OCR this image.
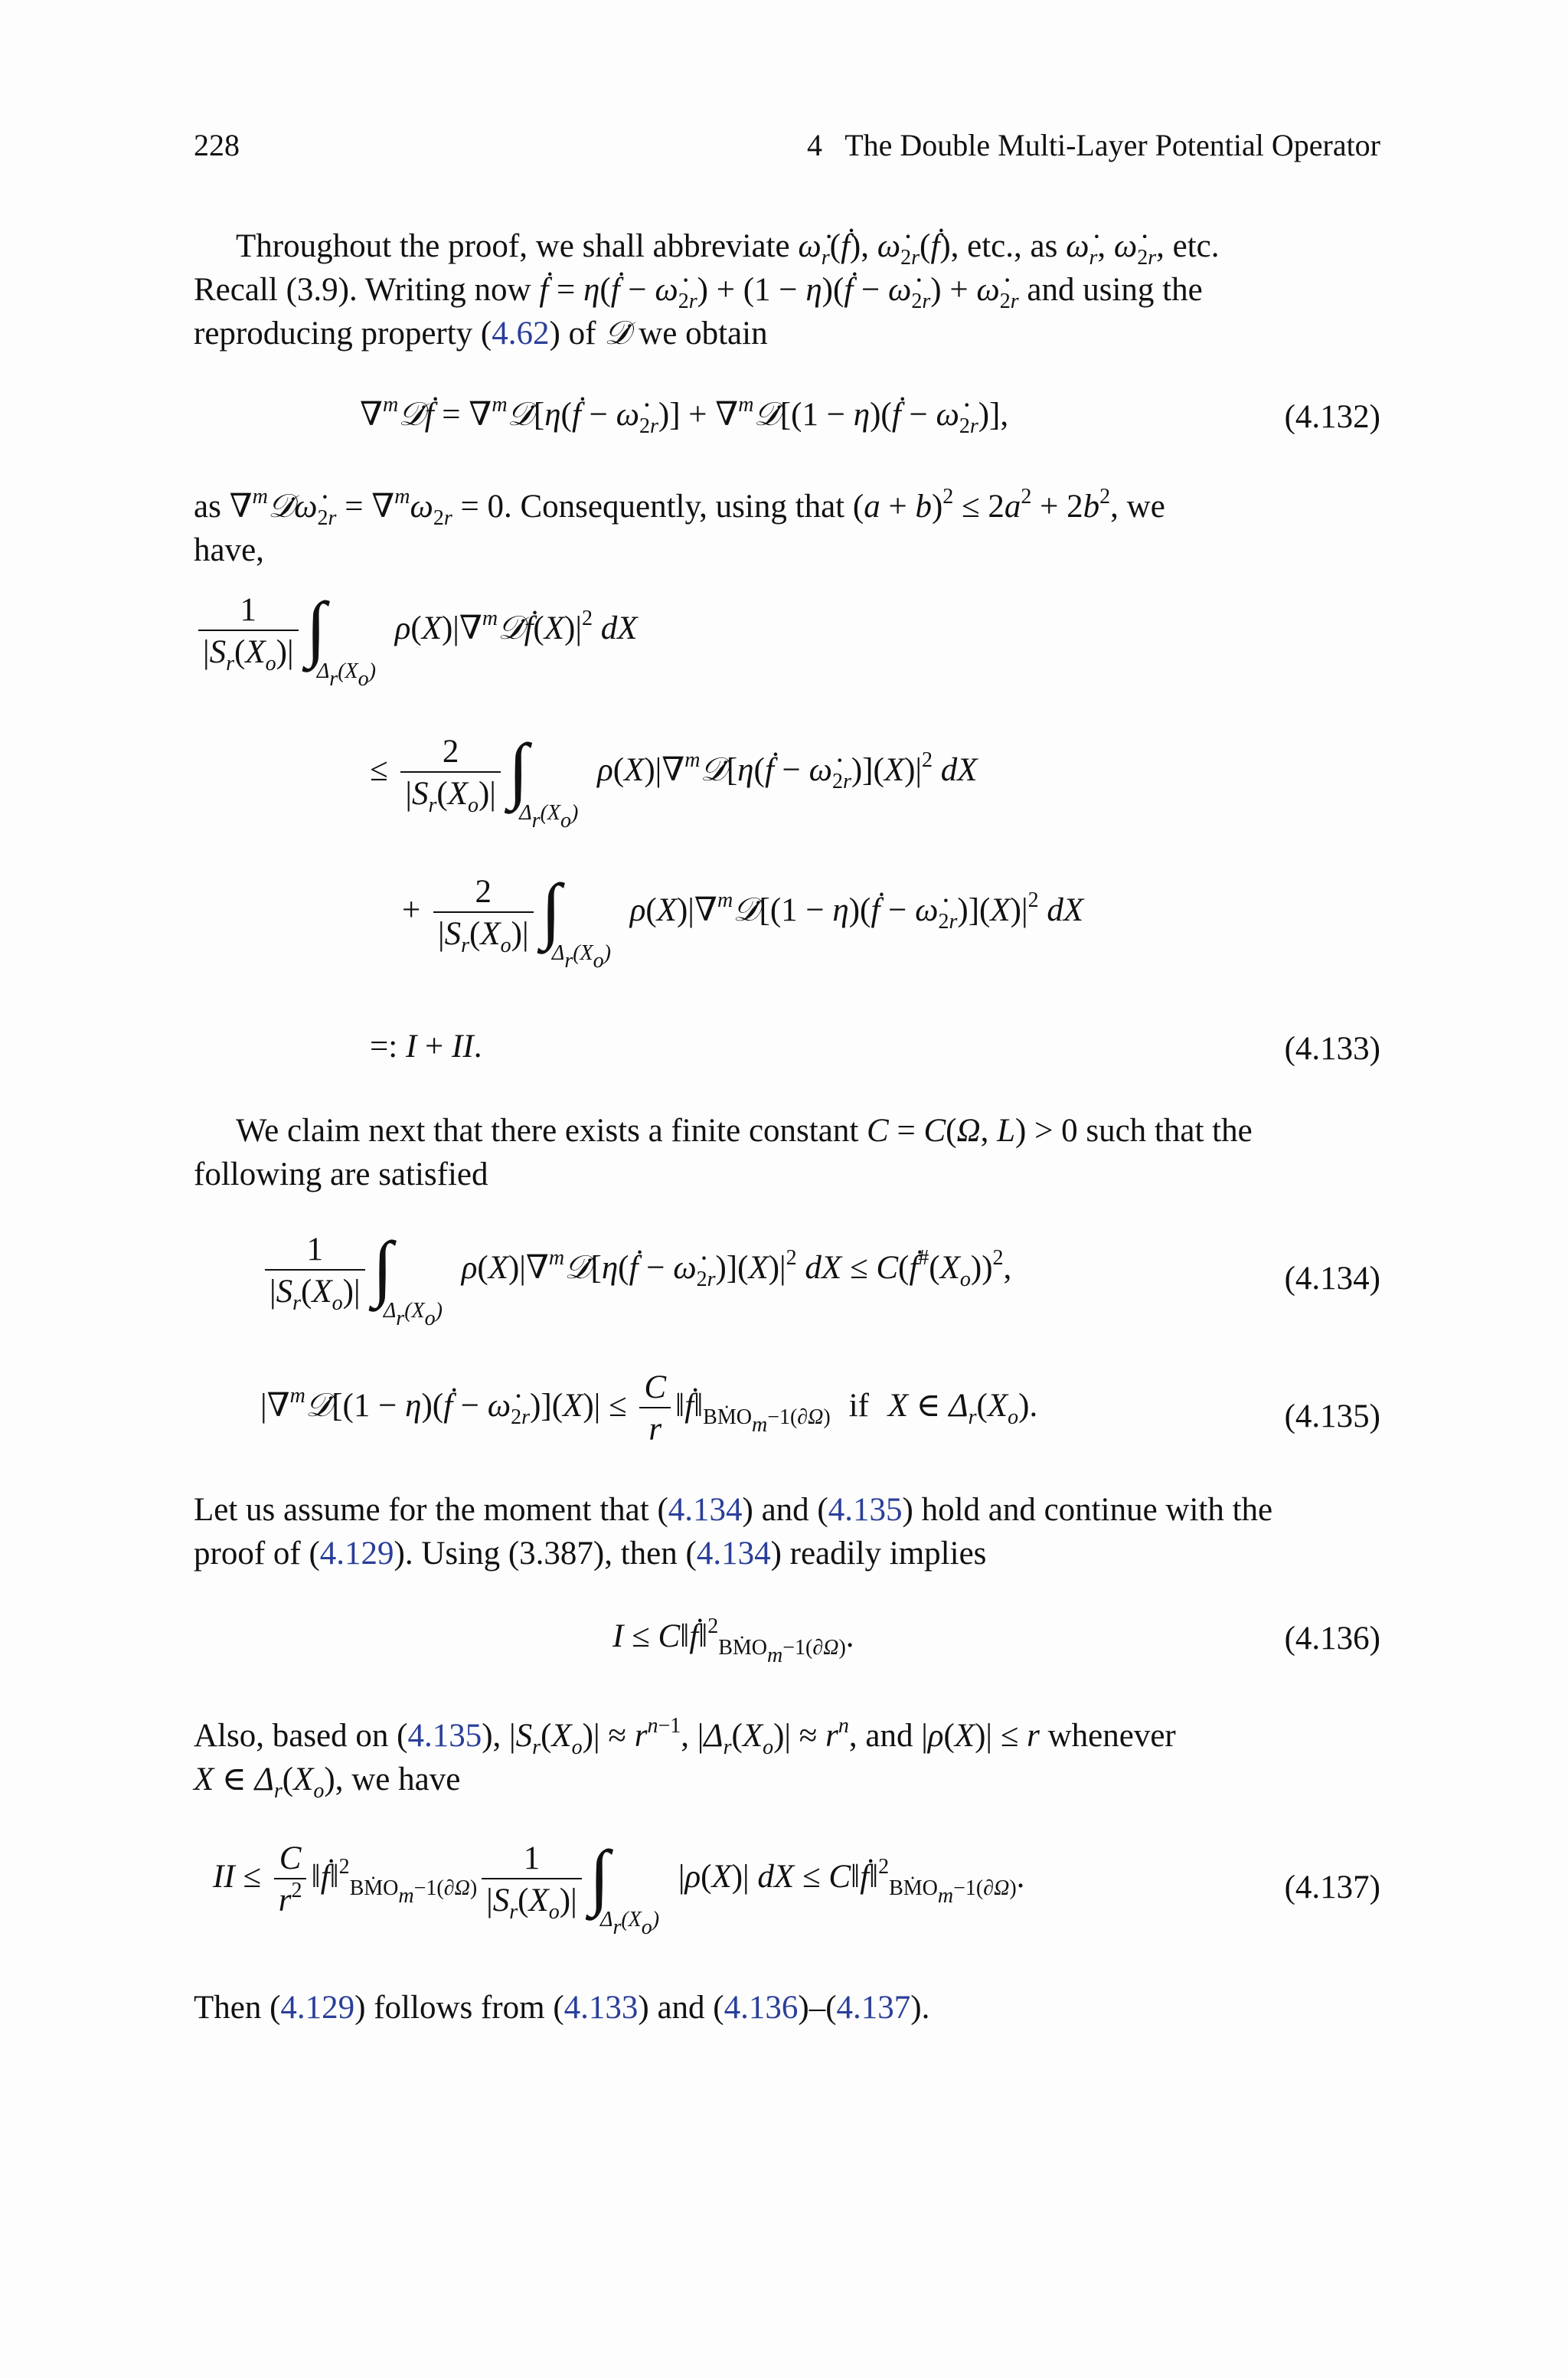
228	4   The Double Multi-Layer Potential Operator
Throughout the proof, we shall abbreviate $\omegȧ_r(ḟ)$, $\omegȧ_{2r}(ḟ)$, etc., as $\omegȧ_r$, $\omegȧ_{2r}$, etc.
Recall (3.9). Writing now ḟ = η(ḟ − $\omegȧ_{2r}) + (1$ − η)(ḟ − $\omegȧ_{2r}$) + $\omegȧ_{2r}$ and using the
reproducing property (4.62) of 𝒟̇ we obtain
∇$^m$𝒟̇ḟ = ∇$^m$𝒟̇[η(ḟ − $\omegȧ_{2r}$)] + ∇$^m$𝒟̇[(1 − η)(ḟ − $\omegȧ_{2r}$)],	(4.132)
as $\nabla^m𝒟̇\omegȧ_{2r} = \nabla^m\omega_{2r} = 0$. Consequently, using that $(a + b)^2 \le 2a^2 + 2b^2$, we
have,
$\frac{1}{|S_r(X_o)|} \int\Delta_r(X_o)$ $\rho(X)|\nabla^m𝒟̇ḟ(X)|^2$ dX
≤ $\frac{2}{|S_r(X_o)|} \int\Delta_r(X_o)$ ρ(X)|∇$^m$𝒟̇[η(ḟ − $\omegȧ_{2r})](X)|^2$ dX
+ $\frac{2}{|S_r(X_o)|} \int\Delta_r(X_o)$ ρ(X)|∇$^m$𝒟̇[(1 − η)(ḟ − $\omegȧ_{2r})](X)|^2$ dX
=: I + II.	(4.133)
We claim next that there exists a finite constant C = C(Ω, L) > 0 such that the
following are satisfied
$\frac{1}{|S_r(X_o)|} \int\Delta_r(X_o)$ ρ(X)|∇$^m$𝒟̇[η(ḟ − $\omegȧ_{2r})](X)|^2$ dX ≤ $C(ḟ^{\#}(X_o))^2$,	(4.134)
|∇$^m$𝒟̇[(1 − η)(ḟ − $\omegȧ_{2r})](X)| \le \frac{C}{r}$ $‖ḟ‖_{BṀO_m-1(\partial\Omega)}$ if X ∈ $\Delta_r(X_o)$.	(4.135)
Let us assume for the moment that (4.134) and (4.135) hold and continue with the
proof of (4.129). Using (3.387), then (4.134) readily implies
I ≤ C‖ḟ‖$^2_{BṀO_m-1(\partial\Omega)}$.	(4.136)
Also, based on (4.135), $|S_r(X_o)| \approx r^{n-1}$, $|\Delta_r(X_o)| \approx r^n$, and |ρ(X)| ≤ r whenever
X ∈ $\Delta_r(X_o)$, we have
II ≤ $\frac{C}{r^2}$ ‖ḟ‖$^2_{BṀO_m-1(\partial\Omega)}$ $\frac{1}{|S_r(X_o)|} \int\Delta_r(X_o)$ |ρ(X)| dX ≤ C‖ḟ‖$^2_{BṀO_m-1(\partial\Omega)}$.	(4.137)
Then (4.129) follows from (4.133) and (4.136)–(4.137).
